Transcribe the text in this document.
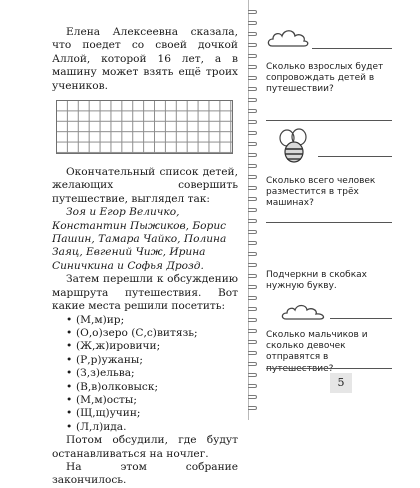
Елена Алексеевна сказала, что поедет со своей дочкой Аллой, которой 16 лет, а в машину может взять ещё троих учеников.

Окончательный список детей, желающих совершить путешествие, выглядел так:

Зоя и Егор Величко, Константин Пыжиков, Борис Пашин, Тамара Чайко, Полина Заяц, Евгений Чиж, Ирина Синичкина и Софья Дрозд.

Затем перешли к обсуждению маршрута путешествия. Вот какие места решили посетить:

• (М,м)ир;
• (О,о)зеро (С,с)витязь;
• (Ж,ж)ировичи;
• (Р,р)ужаны;
• (З,з)ельва;
• (В,в)олковыск;
• (М,м)осты;
• (Щ,щ)учин;
• (Л,л)ида.

Потом обсудили, где будут останавливаться на ночлег.

На этом собрание закончилось.

Сколько взрослых будет сопровождать детей в путешествии?
Сколько всего человек разместится в трёх машинах?
Подчеркни в скобках нужную букву.
Сколько мальчиков и сколько девочек отправятся в
5
